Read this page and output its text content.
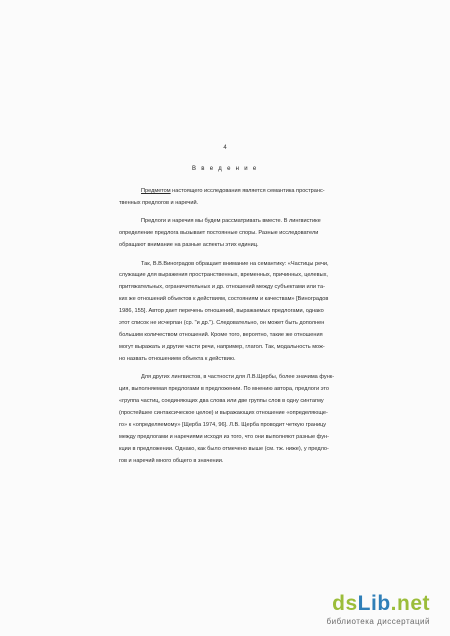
4
В в е д е н и е
Предметом настоящего исследования является семантика пространс-
твенных предлогов и наречий.
Предлоги и наречия мы будем рассматривать вместе. В лингвистике
определение предлога вызывает постоянные споры. Разные исследователи
обращают внимание на разные аспекты этих единиц.
Так, В.В.Виноградов обращает внимание на семантику: «Частицы речи,
служащие для выражения пространственных, временных, причинных, целевых,
притяжательных, ограничительных и др. отношений между субъектами или та-
ких же отношений объектов к действиям, состояниям и качествам» [Виноградов
1986, 155]. Автор дает перечень отношений, выражаемых предлогами, однако
этот список не исчерпан (ср. "и др."). Следовательно, он может быть дополнен
большим количеством отношений. Кроме того, вероятно, такие же отношения
могут выражать и другие части речи, например, глагол. Так, модальность мож-
но назвать отношением объекта к действию.
Для других лингвистов, в частности для Л.В.Щербы, более значима функ-
ция, выполняемая предлогами в предложении. По мнению автора, предлоги это
«группа частиц, соединяющих два слова или две группы слов в одну синтагму
(простейшее синтаксическое целое) и выражающих отношение «определяюще-
го» к «определяемому» [Щерба 1974, 96]. Л.В. Щерба проводит четкую границу
между предлогами и наречиями исходя из того, что они выполняют разные фун-
кции в предложении. Однако, как было отмечено выше (см. тж. ниже), у предло-
гов и наречий много общего в значении.
dsLib.net
библиотека диссертаций
